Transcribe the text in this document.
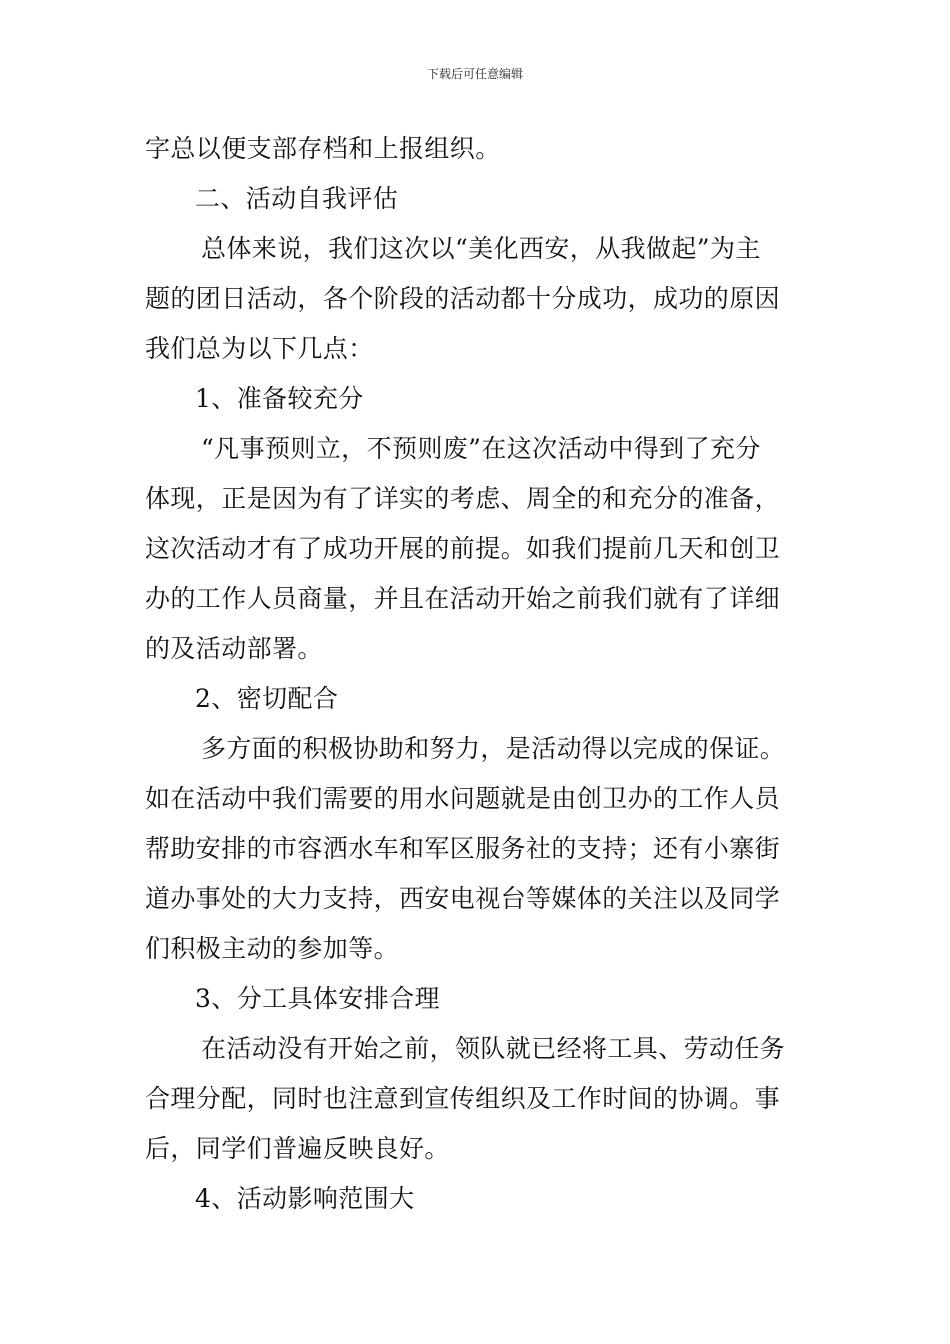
下载后可任意编辑
字总以便支部存档和上报组织。
二、活动自我评估
总体来说，我们这次以“美化西安，从我做起”为主
题的团日活动，各个阶段的活动都十分成功，成功的原因
我们总为以下几点：
1、准备较充分
“凡事预则立，不预则废”在这次活动中得到了充分
体现，正是因为有了详实的考虑、周全的和充分的准备，
这次活动才有了成功开展的前提。如我们提前几天和创卫
办的工作人员商量，并且在活动开始之前我们就有了详细
的及活动部署。
2、密切配合
多方面的积极协助和努力，是活动得以完成的保证。
如在活动中我们需要的用水问题就是由创卫办的工作人员
帮助安排的市容洒水车和军区服务社的支持；还有小寨街
道办事处的大力支持，西安电视台等媒体的关注以及同学
们积极主动的参加等。
3、分工具体安排合理
在活动没有开始之前，领队就已经将工具、劳动任务
合理分配，同时也注意到宣传组织及工作时间的协调。事
后，同学们普遍反映良好。
4、活动影响范围大
